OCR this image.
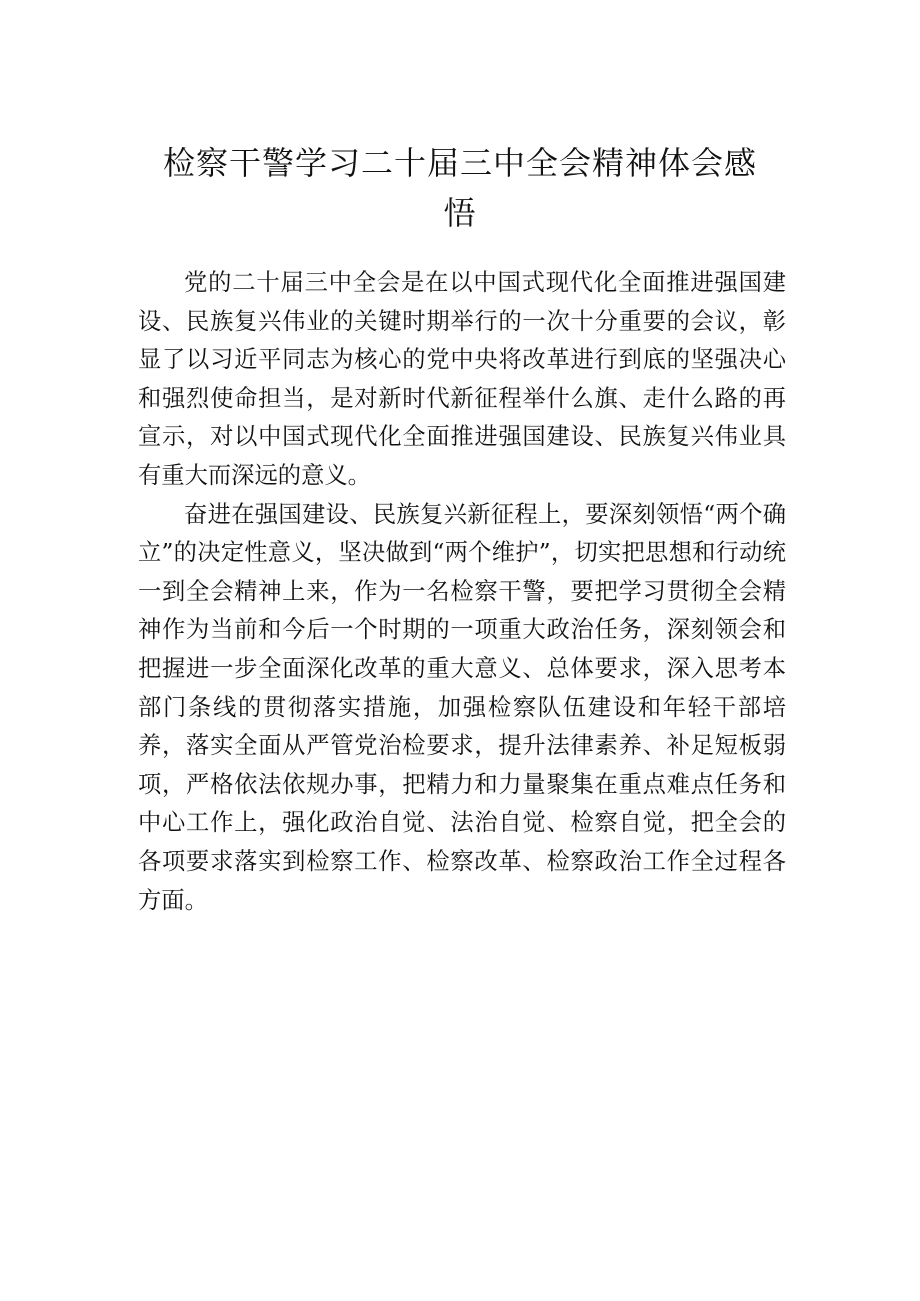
检察干警学习二十届三中全会精神体会感
悟

党的二十届三中全会是在以中国式现代化全面推进强国建设、民族复兴伟业的关键时期举行的一次十分重要的会议，彰显了以习近平同志为核心的党中央将改革进行到底的坚强决心和强烈使命担当，是对新时代新征程举什么旗、走什么路的再宣示，对以中国式现代化全面推进强国建设、民族复兴伟业具有重大而深远的意义。

奋进在强国建设、民族复兴新征程上，要深刻领悟“两个确立”的决定性意义，坚决做到“两个维护”，切实把思想和行动统一到全会精神上来，作为一名检察干警，要把学习贯彻全会精神作为当前和今后一个时期的一项重大政治任务，深刻领会和把握进一步全面深化改革的重大意义、总体要求，深入思考本部门条线的贯彻落实措施，加强检察队伍建设和年轻干部培养，落实全面从严管党治检要求，提升法律素养、补足短板弱项，严格依法依规办事，把精力和力量聚集在重点难点任务和中心工作上，强化政治自觉、法治自觉、检察自觉，把全会的各项要求落实到检察工作、检察改革、检察政治工作全过程各方面。
